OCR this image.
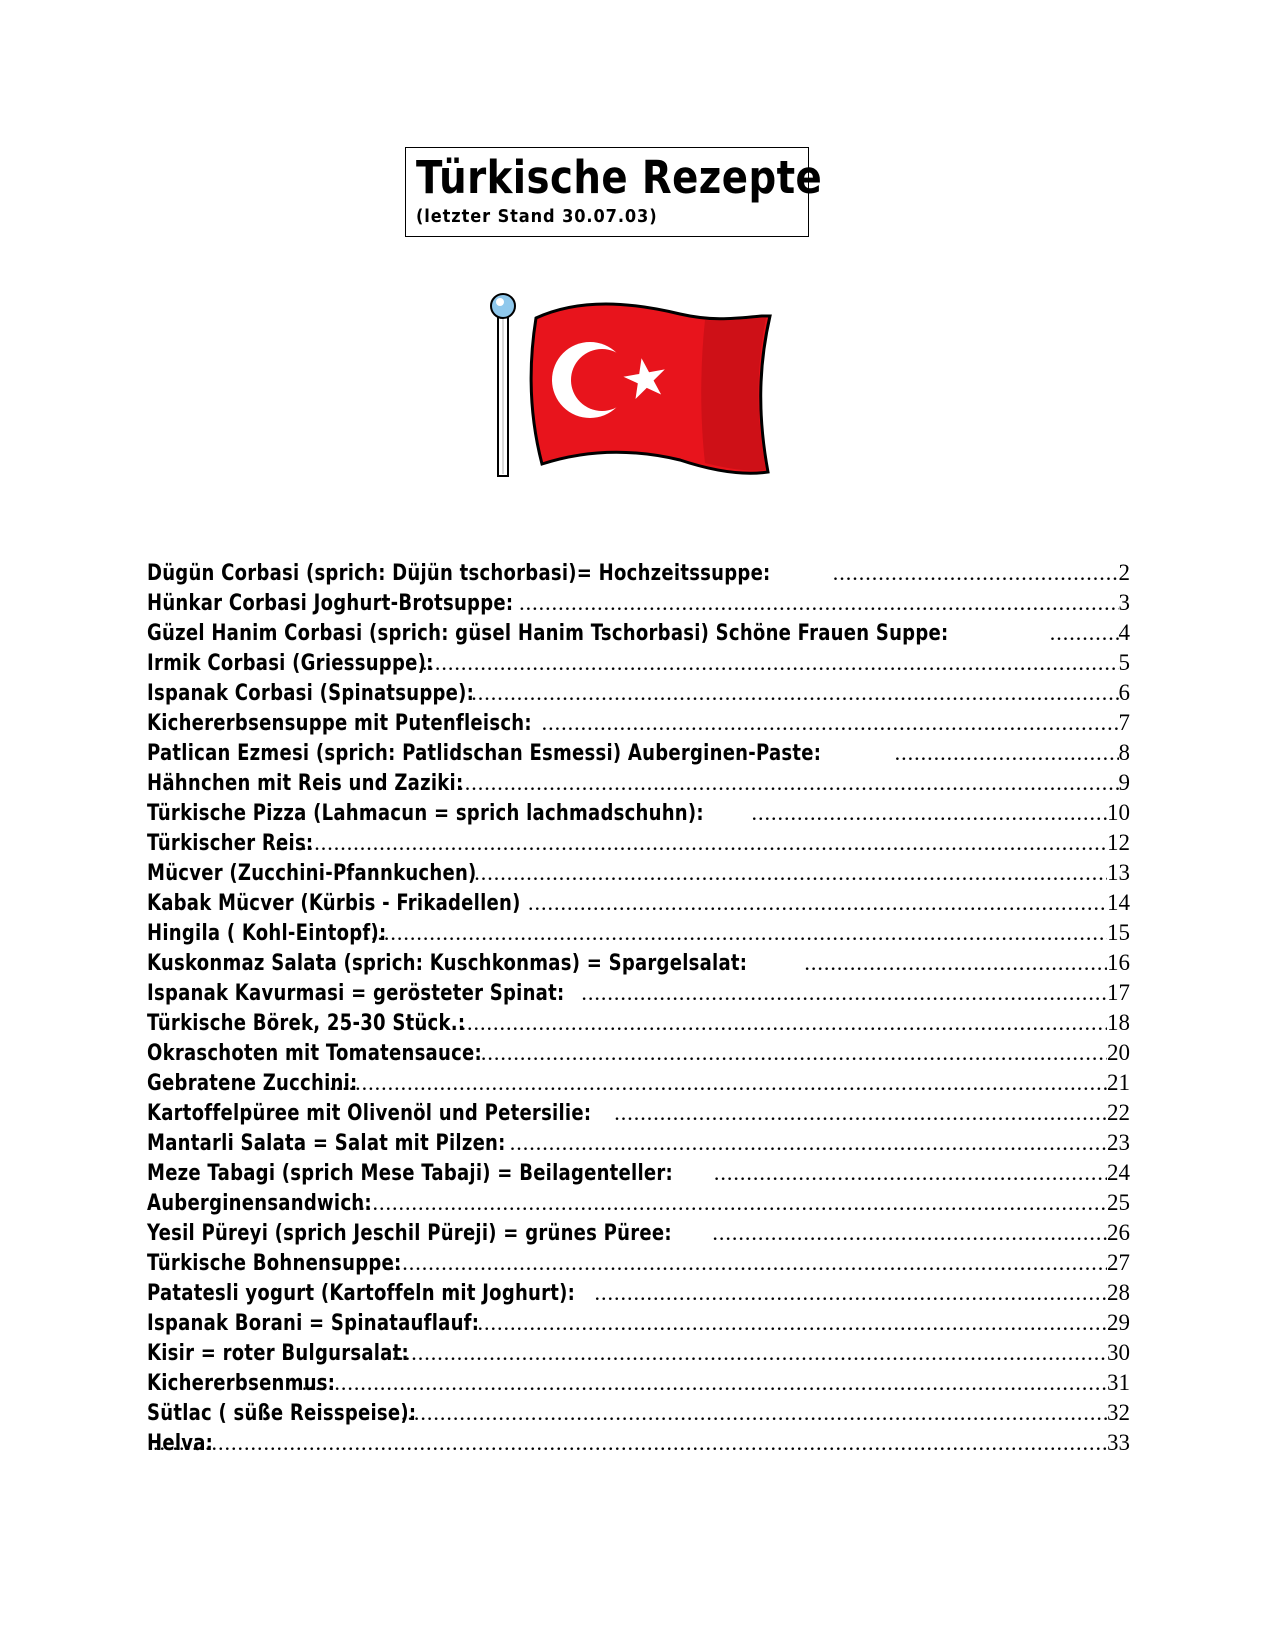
Türkische Rezepte
(letzter Stand 30.07.03)
Dügün Corbasi (sprich: Düjün tschorbasi)= Hochzeitssuppe: .....	2
Hünkar Corbasi Joghurt-Brotsuppe: .....	3
Güzel Hanim Corbasi (sprich: güsel Hanim Tschorbasi) Schöne Frauen Suppe: .....	4
Irmik Corbasi (Griessuppe): .....	5
Ispanak Corbasi (Spinatsuppe): .....	6
Kichererbsensuppe mit Putenfleisch: .....	7
Patlican Ezmesi (sprich: Patlidschan Esmessi) Auberginen-Paste: .....	8
Hähnchen mit Reis und Zaziki: .....	9
Türkische Pizza (Lahmacun = sprich lachmadschuhn): .....	10
Türkischer Reis: .....	12
Mücver (Zucchini-Pfannkuchen) .....	13
Kabak Mücver (Kürbis - Frikadellen) .....	14
Hingila ( Kohl-Eintopf): .....	15
Kuskonmaz Salata (sprich: Kuschkonmas) = Spargelsalat: .....	16
Ispanak Kavurmasi = gerösteter Spinat: .....	17
Türkische Börek, 25-30 Stück.: .....	18
Okraschoten mit Tomatensauce: .....	20
Gebratene Zucchini: .....	21
Kartoffelpüree mit Olivenöl und Petersilie: .....	22
Mantarli Salata = Salat mit Pilzen: .....	23
Meze Tabagi (sprich Mese Tabaji) = Beilagenteller: .....	24
Auberginensandwich: .....	25
Yesil Püreyi (sprich Jeschil Püreji) = grünes Püree: .....	26
Türkische Bohnensuppe: .....	27
Patatesli yogurt (Kartoffeln mit Joghurt): .....	28
Ispanak Borani = Spinatauflauf: .....	29
Kisir = roter Bulgursalat: .....	30
Kichererbsenmus: .....	31
Sütlac ( süße Reisspeise): .....	32
Helva: .....	33
